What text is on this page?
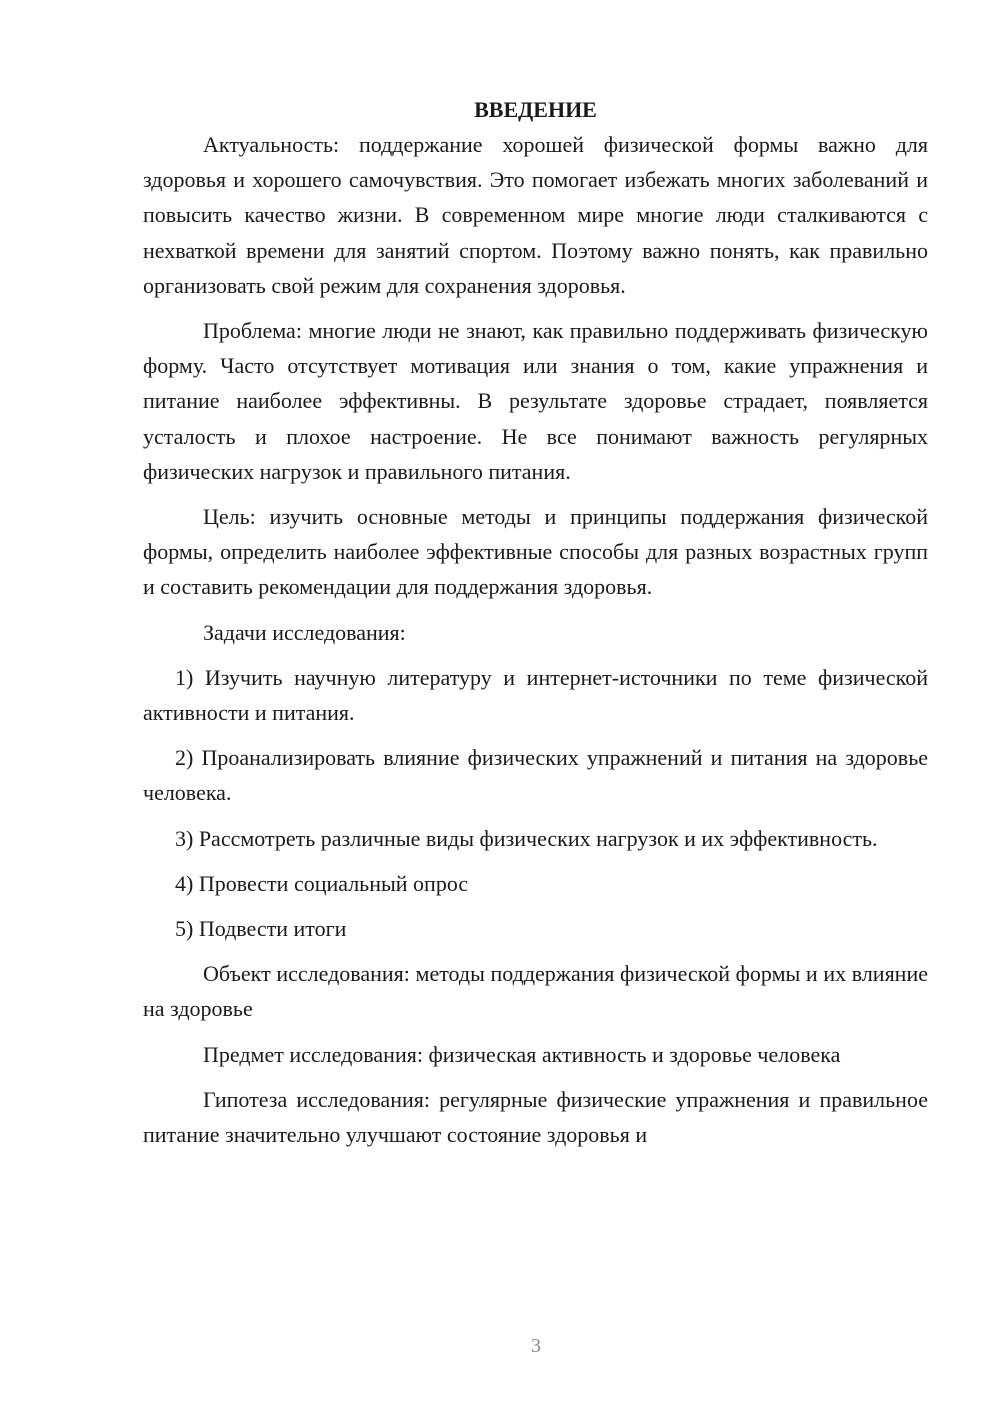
ВВЕДЕНИЕ

Актуальность: поддержание хорошей физической формы важно для здоровья и хорошего самочувствия. Это помогает избежать многих заболеваний и повысить качество жизни. В современном мире многие люди сталкиваются с нехваткой времени для занятий спортом. Поэтому важно понять, как правильно организовать свой режим для сохранения здоровья.

Проблема: многие люди не знают, как правильно поддерживать физическую форму. Часто отсутствует мотивация или знания о том, какие упражнения и питание наиболее эффективны. В результате здоровье страдает, появляется усталость и плохое настроение. Не все понимают важность регулярных физических нагрузок и правильного питания.

Цель: изучить основные методы и принципы поддержания физической формы, определить наиболее эффективные способы для разных возрастных групп и составить рекомендации для поддержания здоровья.

Задачи исследования:

1) Изучить научную литературу и интернет-источники по теме физической активности и питания.

2) Проанализировать влияние физических упражнений и питания на здоровье человека.

3) Рассмотреть различные виды физических нагрузок и их эффективность.

4) Провести социальный опрос

5) Подвести итоги

Объект исследования: методы поддержания физической формы и их влияние на здоровье

Предмет исследования: физическая активность и здоровье человека

Гипотеза исследования: регулярные физические упражнения и правильное питание значительно улучшают состояние здоровья и

3
